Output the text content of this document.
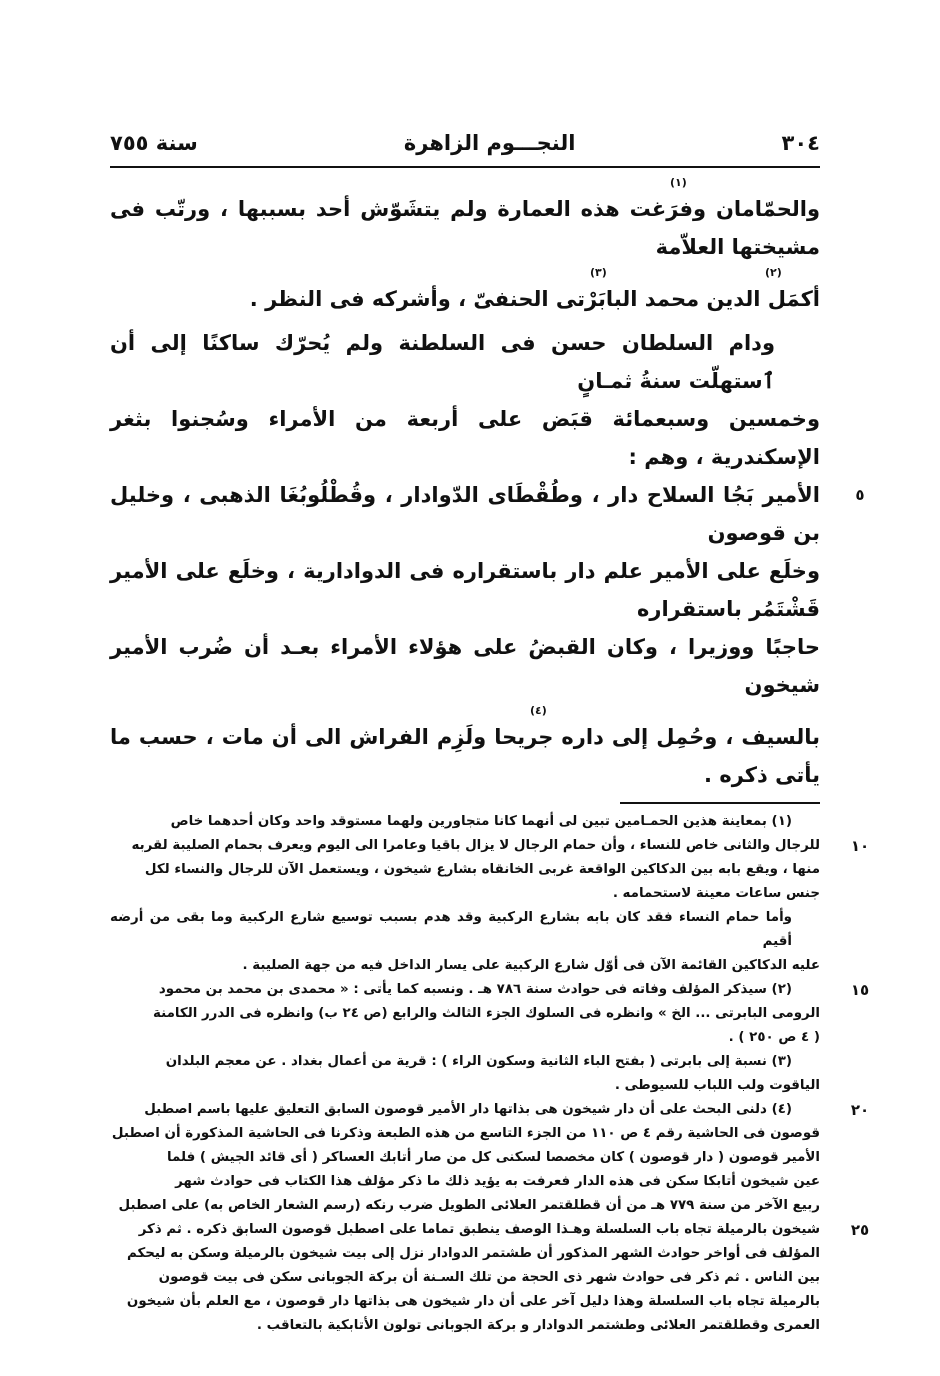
٣٠٤
النجـــوم الزاهرة
سنة ٧٥٥
(١)
والحمّامان وفرَغت هذه العمارة ولم يتشَوّش أحد بسببها ، ورتّب فى مشيختها العلاّمة
(٢)
(٣)
أكمَل الدين محمد البابَرْتى الحنفىّ ، وأشركه فى النظر .
ودام السلطان حسن فى السلطنة ولم يُحرّك ساكنًا إلى أن ٱستهلّت سنةُ ثمـانٍ
وخمسين وسبعمائة قبَض على أربعة من الأمراء وسُجنوا بثغر الإسكندرية ، وهم :
الأمير بَجُا السلاح دار ، وطُقْطَاى الدّوادار ، وقُطْلُوبُغَا الذهبى ، وخليل بن قوصون
٥
وخلَع على الأمير علم دار باستقراره فى الدوادارية ، وخلَع على الأمير قَشْتَمُر باستقراره
حاجبًا ووزيرا ، وكان القبضُ على هؤلاء الأمراء بعـد أن ضُرب الأمير شيخون
(٤)
بالسيف ، وحُمِل إلى داره جريحا ولَزِم الفراش الى أن مات ، حسب ما يأتى ذكره .
(١) بمعاينة هذين الحمـامين تبين لى أنهما كانا متجاورين ولهما مستوقد واحد وكان أحدهما خاص
للرجال والثانى خاص للنساء ، وأن حمام الرجال لا يزال باقيا وعامرا الى اليوم ويعرف بحمام الصليبة لقربه	١٠
منها ، ويقع بابه بين الدكاكين الواقعة غربى الخانقاه بشارع شيخون ، ويستعمل الآن للرجال والنساء لكل
جنس ساعات معينة لاستحمامه .
وأما حمام النساء فقد كان بابه بشارع الركبية وقد هدم بسبب توسيع شارع الركبية وما بقى من أرضه أقيم
عليه الدكاكين القائمة الآن فى أوّل شارع الركبية على يسار الداخل فيه من جهة الصليبة .
(٢) سيذكر المؤلف وفاته فى حوادث سنة ٧٨٦ هـ . ونسبه كما يأتى : « محمدى بن محمد بن محمود	١٥
الرومى البابرتى ... الخ » وانظره فى السلوك الجزء الثالث والرابع (ص ٢٤ ب) وانظره فى الدرر الكامنة
( ٤ ص ٢٥٠ ) .
(٣) نسبة إلى بابرتى ( بفتح الباء الثانية وسكون الراء ) : قرية من أعمال بغداد . عن معجم البلدان
الياقوت ولب اللباب للسيوطى .
(٤) دلنى البحث على أن دار شيخون هى بذاتها دار الأمير قوصون السابق التعليق عليها باسم اصطبل	٢٠
قوصون فى الحاشية رقم ٤ ص ١١٠ من الجزء التاسع من هذه الطبعة وذكرنا فى الحاشية المذكورة أن اصطبل
الأمير قوصون ( دار قوصون ) كان مخصصا لسكنى كل من صار أتابك العساكر ( أى قائد الجيش ) فلما
عين شيخون أتابكا سكن فى هذه الدار فعرفت به يؤيد ذلك ما ذكر مؤلف هذا الكتاب فى حوادث شهر
ربيع الآخر من سنة ٧٧٩ هـ من أن قطلقتمر العلائى الطويل ضرب رنكه (رسم الشعار الخاص به) على اصطبل
شيخون بالرميلة تجاه باب السلسلة وهـذا الوصف ينطبق تماما على اصطبل قوصون السابق ذكره . ثم ذكر	٢٥
المؤلف فى أواخر حوادث الشهر المذكور أن طشتمر الدوادار نزل إلى بيت شيخون بالرميلة وسكن به ليحكم
بين الناس . ثم ذكر فى حوادث شهر ذى الحجة من تلك السـنة أن بركة الجوبانى سكن فى بيت قوصون
بالرميلة تجاه باب السلسلة وهذا دليل آخر على أن دار شيخون هى بذاتها دار قوصون ، مع العلم بأن شيخون
العمرى وقطلقتمر العلائى وطشتمر الدوادار و بركة الجوبانى تولون الأتابكية بالتعاقب .
